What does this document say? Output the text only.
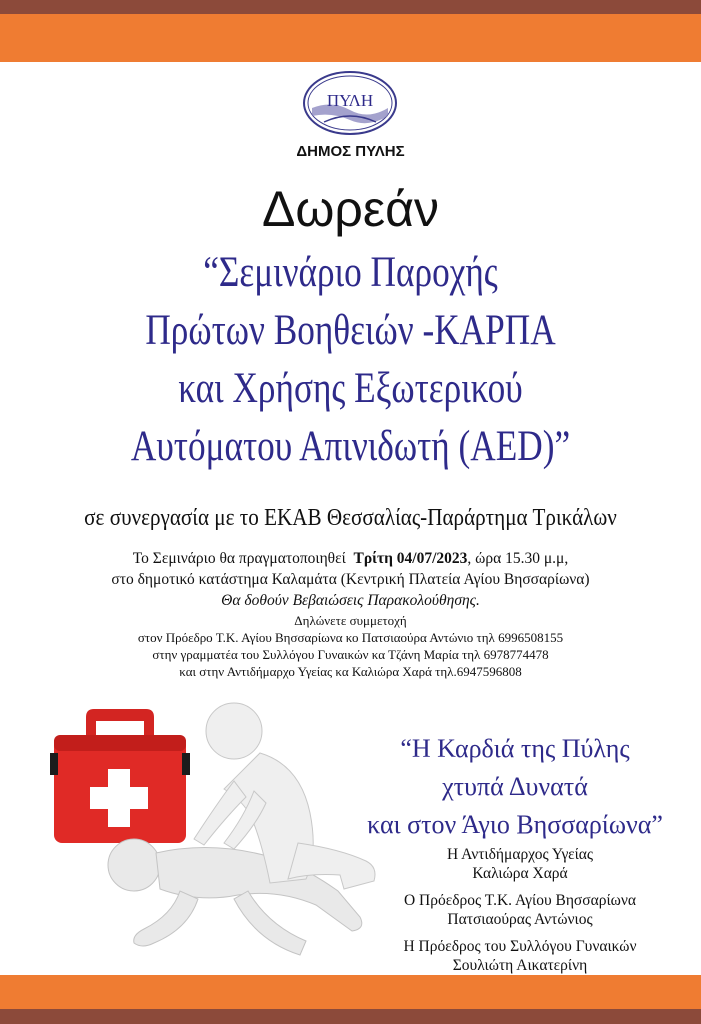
ΠΥΛΗ
ΔΗΜΟΣ ΠΥΛΗΣ
Δωρεάν
“Σεμινάριο Παροχής
Πρώτων Βοηθειών -ΚΑΡΠΑ
και Χρήσης Εξωτερικού
Αυτόματου Απινιδωτή (AED)”
σε συνεργασία με το ΕΚΑΒ Θεσσαλίας-Παράρτημα Τρικάλων
Το Σεμινάριο θα πραγματοποιηθεί Τρίτη 04/07/2023, ώρα 15.30 μ.μ,
στο δημοτικό κατάστημα Καλαμάτα (Κεντρική Πλατεία Αγίου Βησσαρίωνα)
Θα δοθούν Βεβαιώσεις Παρακολούθησης.
Δηλώνετε συμμετοχή
στον Πρόεδρο Τ.Κ. Αγίου Βησσαρίωνα κο Πατσιαούρα Αντώνιο τηλ 6996508155
στην γραμματέα του Συλλόγου Γυναικών κα Τζάνη Μαρία τηλ 6978774478
και στην Αντιδήμαρχο Υγείας κα Καλιώρα Χαρά τηλ.6947596808
“Η Καρδιά της Πύλης
χτυπά Δυνατά
και στον Άγιο Βησσαρίωνα”
Η Αντιδήμαρχος Υγείας
Καλιώρα Χαρά
Ο Πρόεδρος Τ.Κ. Αγίου Βησσαρίωνα
Πατσιαούρας Αντώνιος
Η Πρόεδρος του Συλλόγου Γυναικών
Σουλιώτη Αικατερίνη
